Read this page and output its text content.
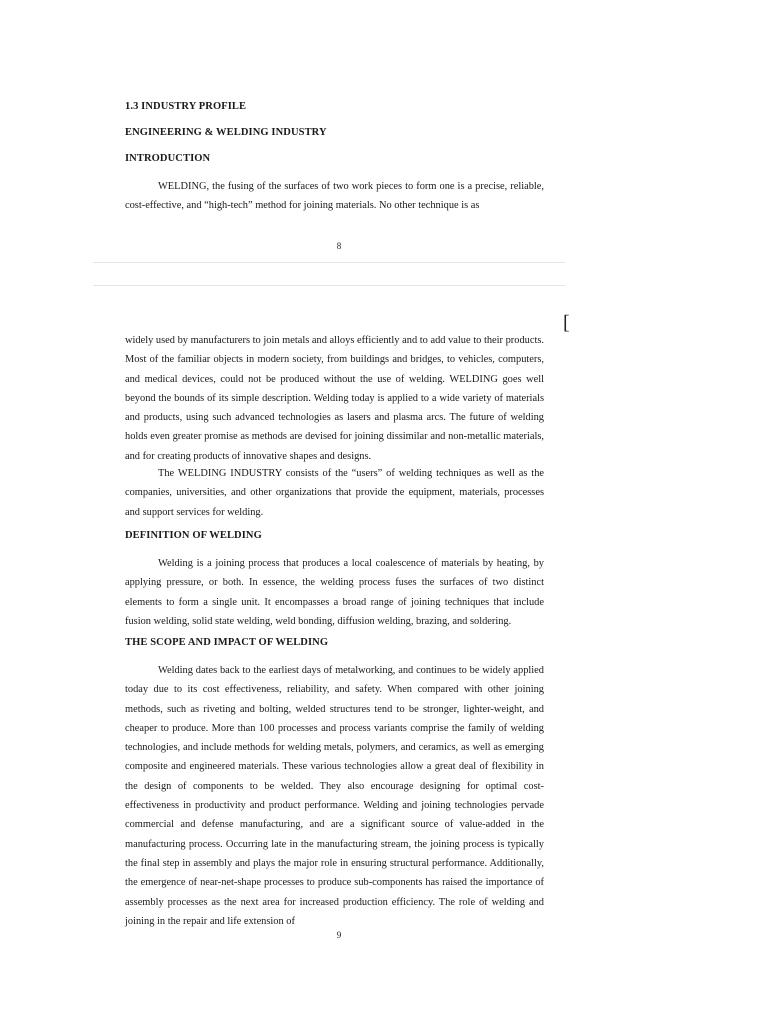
1.3 INDUSTRY PROFILE
ENGINEERING & WELDING INDUSTRY
INTRODUCTION

WELDING, the fusing of the surfaces of two work pieces to form one is a precise, reliable, cost-effective, and “high-tech” method for joining materials. No other technique is as

8

[

widely used by manufacturers to join metals and alloys efficiently and to add value to their products. Most of the familiar objects in modern society, from buildings and bridges, to vehicles, computers, and medical devices, could not be produced without the use of welding. WELDING goes well beyond the bounds of its simple description. Welding today is applied to a wide variety of materials and products, using such advanced technologies as lasers and plasma arcs. The future of welding holds even greater promise as methods are devised for joining dissimilar and non-metallic materials, and for creating products of innovative shapes and designs.

The WELDING INDUSTRY consists of the “users” of welding techniques as well as the companies, universities, and other organizations that provide the equipment, materials, processes and support services for welding.

DEFINITION OF WELDING

Welding is a joining process that produces a local coalescence of materials by heating, by applying pressure, or both. In essence, the welding process fuses the surfaces of two distinct elements to form a single unit. It encompasses a broad range of joining techniques that include fusion welding, solid state welding, weld bonding, diffusion welding, brazing, and soldering.

THE SCOPE AND IMPACT OF WELDING

Welding dates back to the earliest days of metalworking, and continues to be widely applied today due to its cost effectiveness, reliability, and safety. When compared with other joining methods, such as riveting and bolting, welded structures tend to be stronger, lighter-weight, and cheaper to produce. More than 100 processes and process variants comprise the family of welding technologies, and include methods for welding metals, polymers, and ceramics, as well as emerging composite and engineered materials. These various technologies allow a great deal of flexibility in the design of components to be welded. They also encourage designing for optimal cost-effectiveness in productivity and product performance. Welding and joining technologies pervade commercial and defense manufacturing, and are a significant source of value-added in the manufacturing process. Occurring late in the manufacturing stream, the joining process is typically the final step in assembly and plays the major role in ensuring structural performance. Additionally, the emergence of near-net-shape processes to produce sub-components has raised the importance of assembly processes as the next area for increased production efficiency. The role of welding and joining in the repair and life extension of

9
